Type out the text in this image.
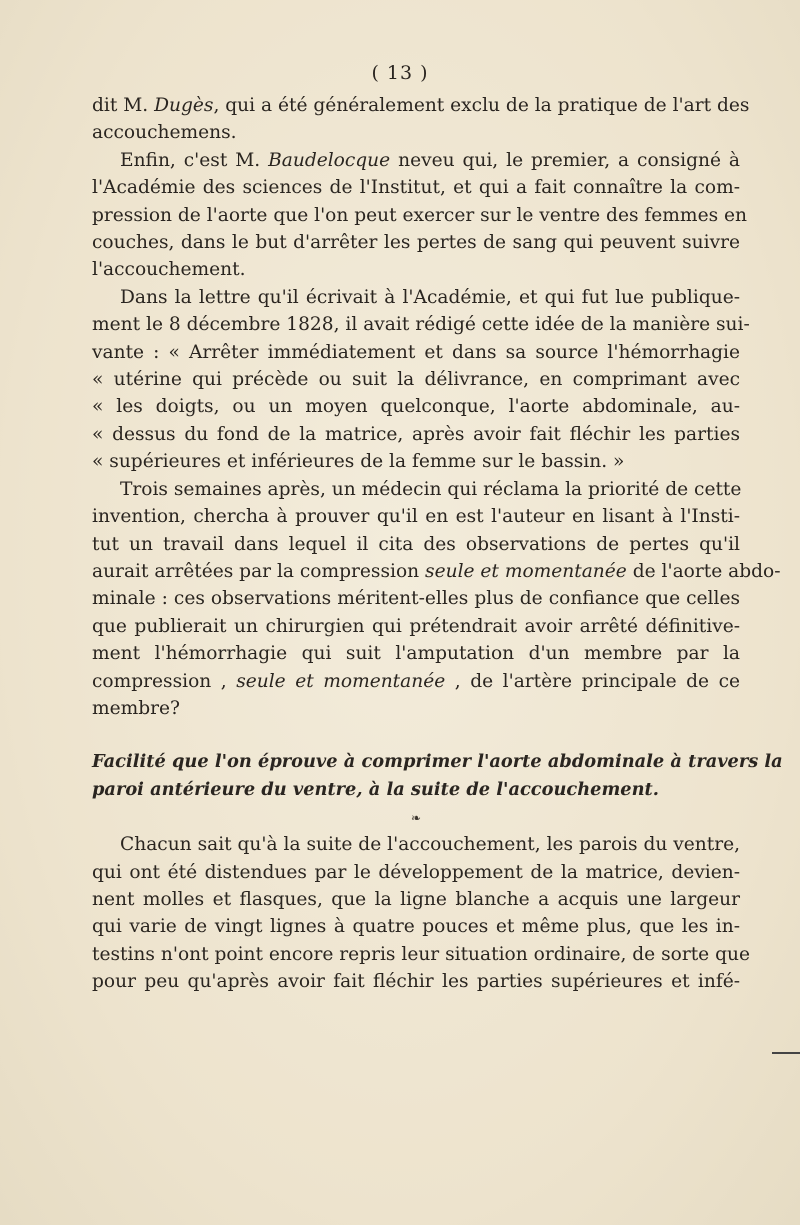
( 13 )
dit M. Dugès, qui a été généralement exclu de la pratique de l'art des
accouchemens.
Enfin, c'est M. Baudelocque neveu qui, le premier, a consigné à
l'Académie des sciences de l'Institut, et qui a fait connaître la com-
pression de l'aorte que l'on peut exercer sur le ventre des femmes en
couches, dans le but d'arrêter les pertes de sang qui peuvent suivre
l'accouchement.
Dans la lettre qu'il écrivait à l'Académie, et qui fut lue publique-
ment le 8 décembre 1828, il avait rédigé cette idée de la manière sui-
vante : « Arrêter immédiatement et dans sa source l'hémorrhagie
« utérine qui précède ou suit la délivrance, en comprimant avec
« les doigts, ou un moyen quelconque, l'aorte abdominale, au-
« dessus du fond de la matrice, après avoir fait fléchir les parties
« supérieures et inférieures de la femme sur le bassin. »
Trois semaines après, un médecin qui réclama la priorité de cette
invention, chercha à prouver qu'il en est l'auteur en lisant à l'Insti-
tut un travail dans lequel il cita des observations de pertes qu'il
aurait arrêtées par la compression seule et momentanée de l'aorte abdo-
minale : ces observations méritent-elles plus de confiance que celles
que publierait un chirurgien qui prétendrait avoir arrêté définitive-
ment l'hémorrhagie qui suit l'amputation d'un membre par la
compression , seule et momentanée , de l'artère principale de ce
membre?
Facilité que l'on éprouve à comprimer l'aorte abdominale à travers la
paroi antérieure du ventre, à la suite de l'accouchement.
❧
Chacun sait qu'à la suite de l'accouchement, les parois du ventre,
qui ont été distendues par le développement de la matrice, devien-
nent molles et flasques, que la ligne blanche a acquis une largeur
qui varie de vingt lignes à quatre pouces et même plus, que les in-
testins n'ont point encore repris leur situation ordinaire, de sorte que
pour peu qu'après avoir fait fléchir les parties supérieures et infé-
